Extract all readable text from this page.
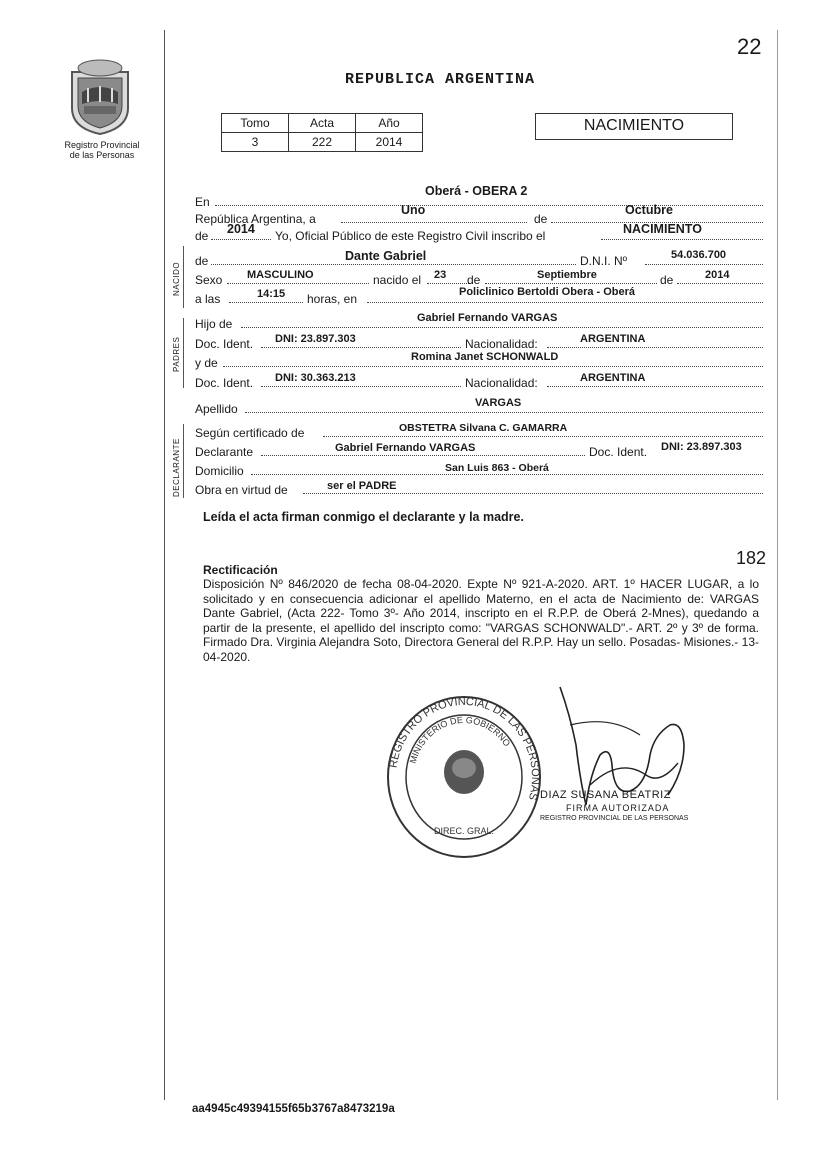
22
Registro Provincial
de las Personas
REPUBLICA ARGENTINA
Tomo	Acta	Año
3	222	2014
NACIMIENTO
NACIDO
PADRES
DECLARANTE
En
Oberá - OBERA 2
República Argentina, a
Uno
de
Octubre
de 2014 Yo, Oficial Público de este Registro Civil inscribo el	NACIMIENTO
de	Dante Gabriel	D.N.I. Nº	54.036.700
Sexo MASCULINO	nacido el 23 de	Septiembre	de	2014
a las	14:15 horas, en	Policlinico Bertoldi Obera - Oberá
Hijo de	Gabriel Fernando VARGAS
Doc. Ident. DNI: 23.897.303	Nacionalidad:	ARGENTINA
y de	Romina Janet SCHONWALD
Doc. Ident. DNI: 30.363.213	Nacionalidad:	ARGENTINA
Apellido	VARGAS
Según certificado de	OBSTETRA Silvana C. GAMARRA
Declarante	Gabriel Fernando VARGAS	Doc. Ident. DNI: 23.897.303
Domicilio	San Luis 863 - Oberá
Obra en virtud de	ser el PADRE
Leída el acta firman conmigo el declarante y la madre.
182
Rectificación
Disposición Nº 846/2020 de fecha 08-04-2020. Expte Nº 921-A-2020. ART. 1º HACER LUGAR, a lo solicitado y en consecuencia adicionar el apellido Materno, en el acta de Nacimiento de: VARGAS Dante Gabriel, (Acta 222- Tomo 3º- Año 2014, inscripto en el R.P.P. de Oberá 2-Mnes), quedando a partir de la presente, el apellido del inscripto como: "VARGAS SCHONWALD".- ART. 2º y 3º de forma. Firmado Dra. Virginia Alejandra Soto, Directora General del R.P.P. Hay un sello. Posadas- Misiones.- 13-04-2020.
REGISTRO PROVINCIAL DE LAS PERSONAS
MINISTERIO DE GOBIERNO
DIREC. GRAL.
DIAZ SUSANA BEATRIZ
FIRMA AUTORIZADA
REGISTRO PROVINCIAL DE LAS PERSONAS
aa4945c49394155f65b3767a8473219a
